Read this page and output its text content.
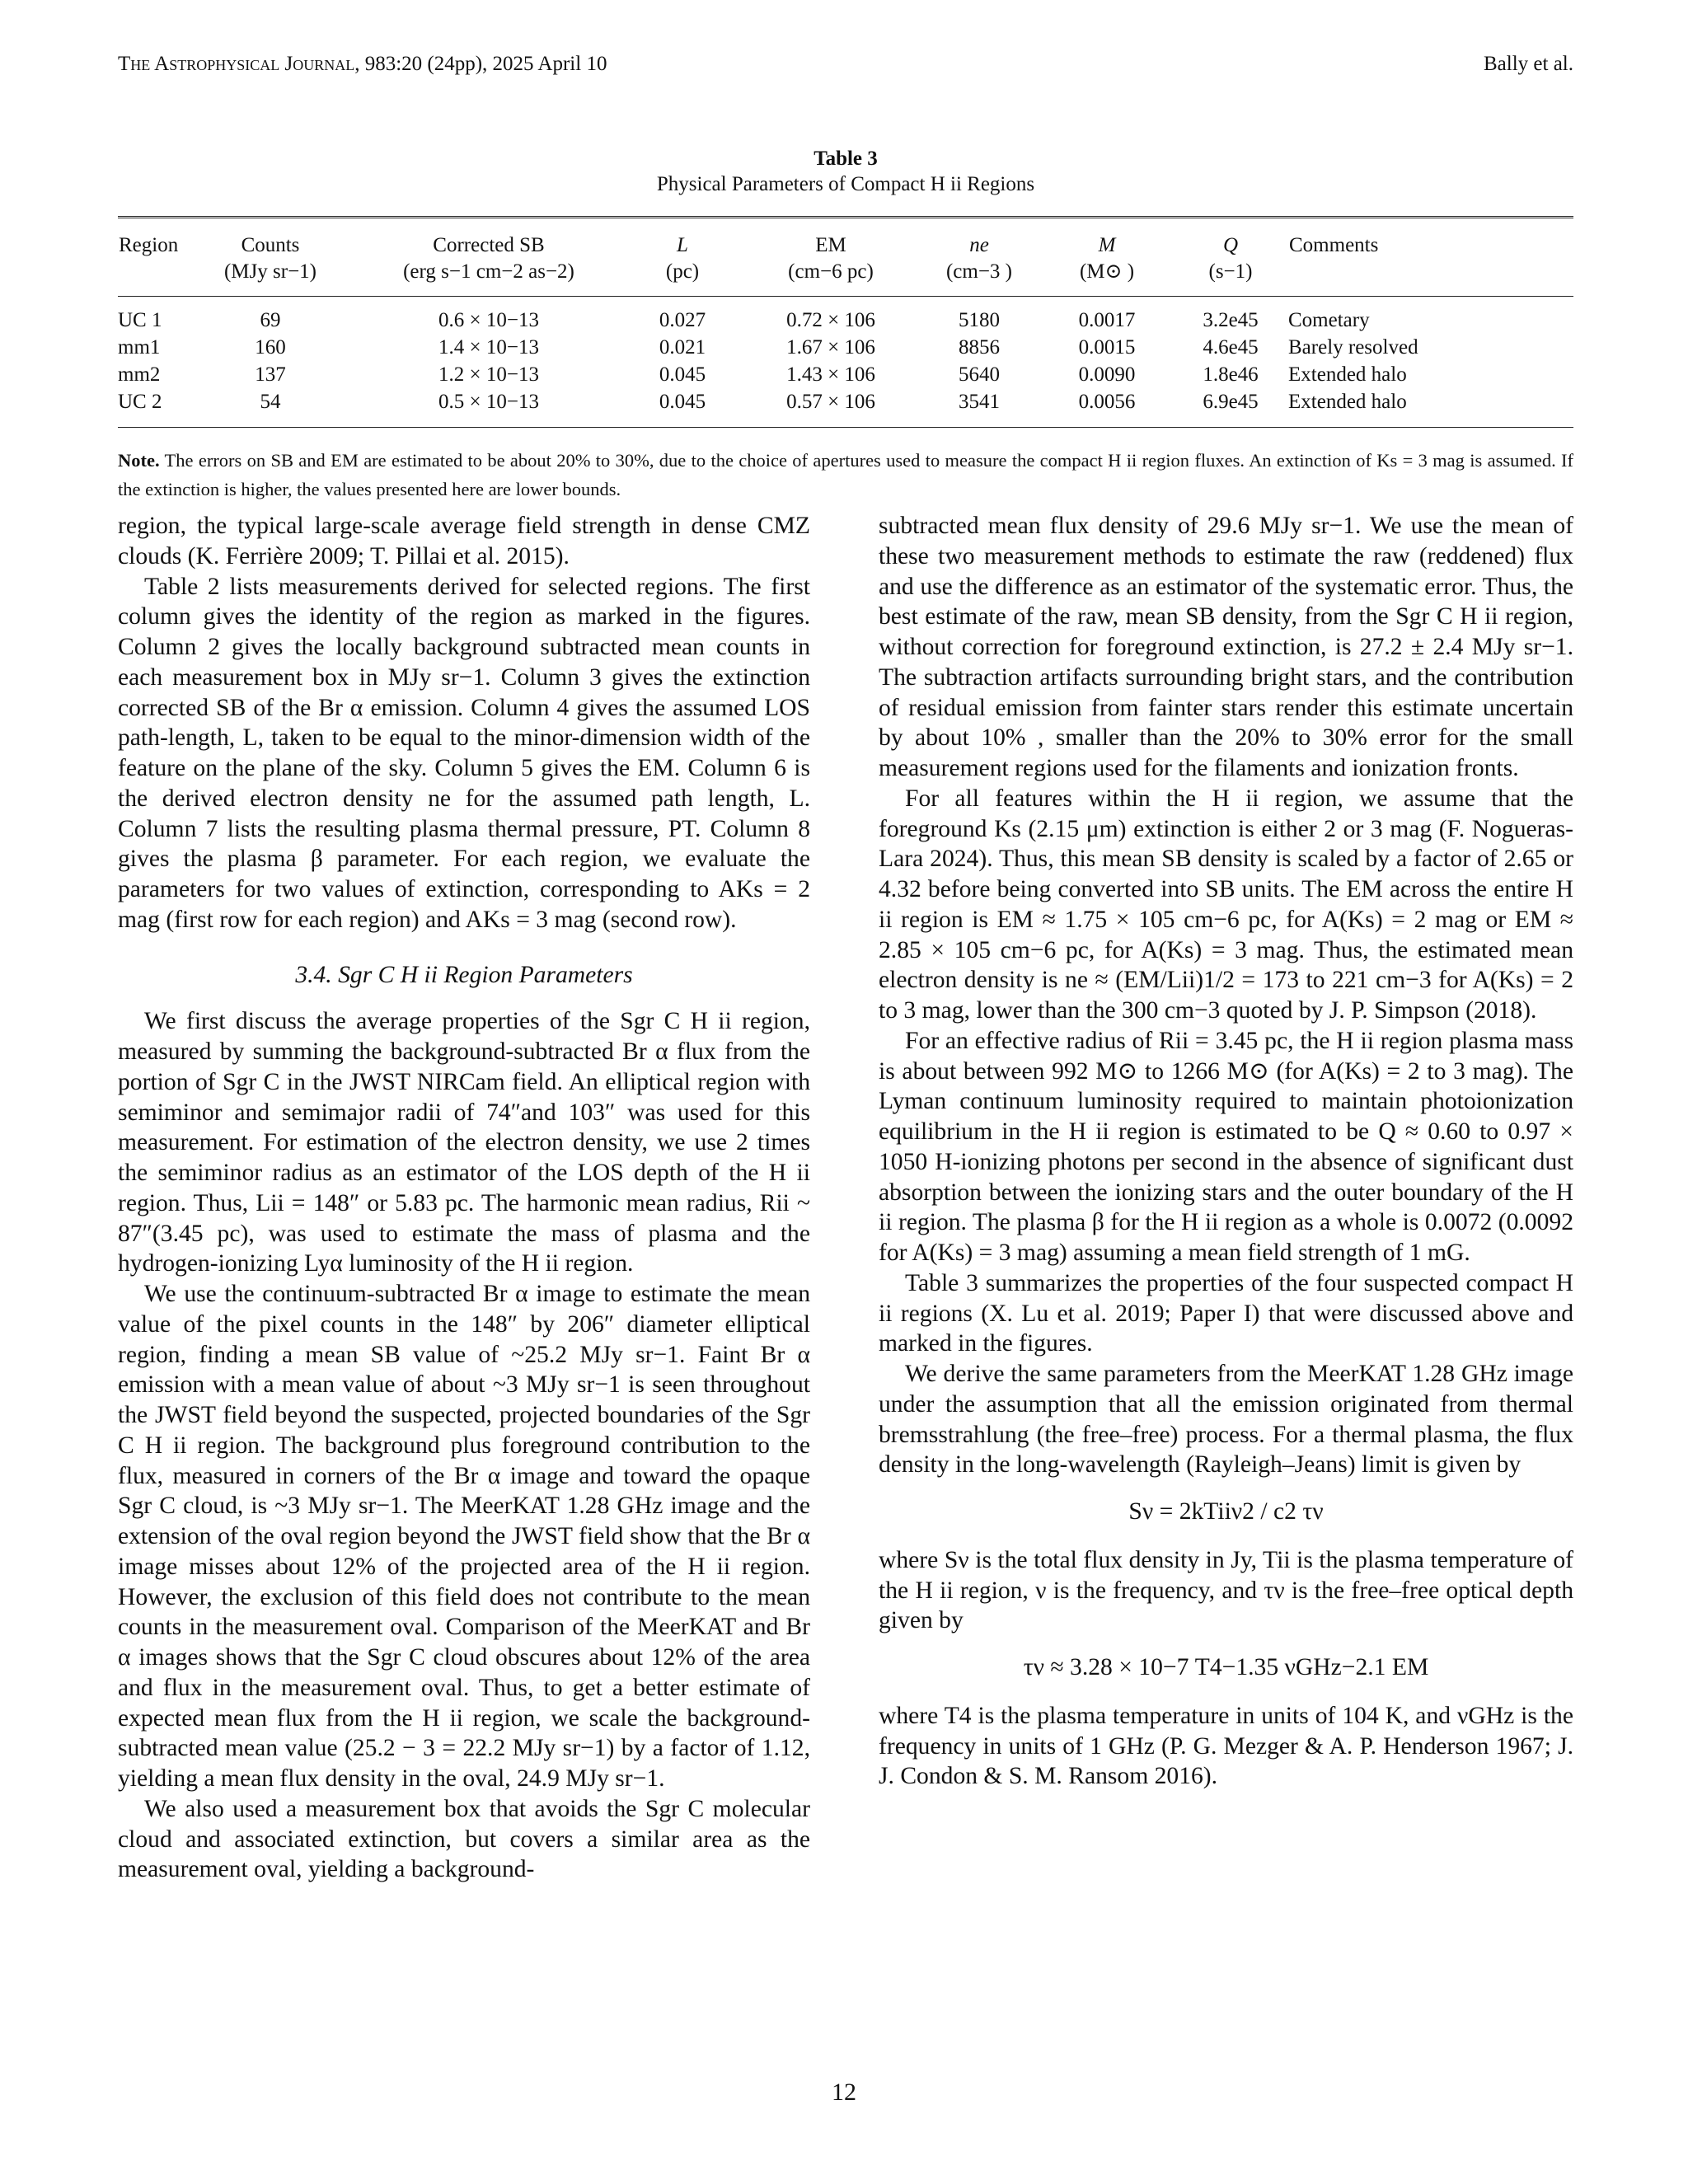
The Astrophysical Journal, 983:20 (24pp), 2025 April 10	Bally et al.
Table 3
Physical Parameters of Compact H ii Regions
Region	Counts	Corrected SB	L	EM	ne	M	Q	Comments
	(MJy sr−1)	(erg s−1 cm−2 as−2)	(pc)	(cm−6 pc)	(cm−3 )	(M⊙ )	(s−1)	
UC 1	69	0.6 × 10−13	0.027	0.72 × 106	5180	0.0017	3.2e45	Cometary
mm1	160	1.4 × 10−13	0.021	1.67 × 106	8856	0.0015	4.6e45	Barely resolved
mm2	137	1.2 × 10−13	0.045	1.43 × 106	5640	0.0090	1.8e46	Extended halo
UC 2	54	0.5 × 10−13	0.045	0.57 × 106	3541	0.0056	6.9e45	Extended halo
Note. The errors on SB and EM are estimated to be about 20% to 30%, due to the choice of apertures used to measure the compact H ii region fluxes. An extinction of Ks = 3 mag is assumed. If the extinction is higher, the values presented here are lower bounds.

region, the typical large-scale average field strength in dense CMZ clouds (K. Ferrière 2009; T. Pillai et al. 2015).

Table 2 lists measurements derived for selected regions. The first column gives the identity of the region as marked in the figures. Column 2 gives the locally background subtracted mean counts in each measurement box in MJy sr−1. Column 3 gives the extinction corrected SB of the Br α emission. Column 4 gives the assumed LOS path-length, L, taken to be equal to the minor-dimension width of the feature on the plane of the sky. Column 5 gives the EM. Column 6 is the derived electron density ne for the assumed path length, L. Column 7 lists the resulting plasma thermal pressure, PT. Column 8 gives the plasma β parameter. For each region, we evaluate the parameters for two values of extinction, corresponding to AKs = 2 mag (first row for each region) and AKs = 3 mag (second row).

3.4. Sgr C H ii Region Parameters

We first discuss the average properties of the Sgr C H ii region, measured by summing the background-subtracted Br α flux from the portion of Sgr C in the JWST NIRCam field. An elliptical region with semiminor and semimajor radii of 74″and 103″ was used for this measurement. For estimation of the electron density, we use 2 times the semiminor radius as an estimator of the LOS depth of the H ii region. Thus, Lii = 148″ or 5.83 pc. The harmonic mean radius, Rii ~ 87″(3.45 pc), was used to estimate the mass of plasma and the hydrogen-ionizing Lyα luminosity of the H ii region.

We use the continuum-subtracted Br α image to estimate the mean value of the pixel counts in the 148″ by 206″ diameter elliptical region, finding a mean SB value of ~25.2 MJy sr−1. Faint Br α emission with a mean value of about ~3 MJy sr−1 is seen throughout the JWST field beyond the suspected, projected boundaries of the Sgr C H ii region. The background plus foreground contribution to the flux, measured in corners of the Br α image and toward the opaque Sgr C cloud, is ~3 MJy sr−1. The MeerKAT 1.28 GHz image and the extension of the oval region beyond the JWST field show that the Br α image misses about 12% of the projected area of the H ii region. However, the exclusion of this field does not contribute to the mean counts in the measurement oval. Comparison of the MeerKAT and Br α images shows that the Sgr C cloud obscures about 12% of the area and flux in the measurement oval. Thus, to get a better estimate of expected mean flux from the H ii region, we scale the background-subtracted mean value (25.2 − 3 = 22.2 MJy sr−1) by a factor of 1.12, yielding a mean flux density in the oval, 24.9 MJy sr−1.

We also used a measurement box that avoids the Sgr C molecular cloud and associated extinction, but covers a similar area as the measurement oval, yielding a background-

subtracted mean flux density of 29.6 MJy sr−1. We use the mean of these two measurement methods to estimate the raw (reddened) flux and use the difference as an estimator of the systematic error. Thus, the best estimate of the raw, mean SB density, from the Sgr C H ii region, without correction for foreground extinction, is 27.2 ± 2.4 MJy sr−1. The subtraction artifacts surrounding bright stars, and the contribution of residual emission from fainter stars render this estimate uncertain by about 10% , smaller than the 20% to 30% error for the small measurement regions used for the filaments and ionization fronts.

For all features within the H ii region, we assume that the foreground Ks (2.15 μm) extinction is either 2 or 3 mag (F. Nogueras-Lara 2024). Thus, this mean SB density is scaled by a factor of 2.65 or 4.32 before being converted into SB units. The EM across the entire H ii region is EM ≈ 1.75 × 105 cm−6 pc, for A(Ks) = 2 mag or EM ≈ 2.85 × 105 cm−6 pc, for A(Ks) = 3 mag. Thus, the estimated mean electron density is ne ≈ (EM/Lii)1/2 = 173 to 221 cm−3 for A(Ks) = 2 to 3 mag, lower than the 300 cm−3 quoted by J. P. Simpson (2018).

For an effective radius of Rii = 3.45 pc, the H ii region plasma mass is about between 992 M⊙ to 1266 M⊙ (for A(Ks) = 2 to 3 mag). The Lyman continuum luminosity required to maintain photoionization equilibrium in the H ii region is estimated to be Q ≈ 0.60 to 0.97 × 1050 H-ionizing photons per second in the absence of significant dust absorption between the ionizing stars and the outer boundary of the H ii region. The plasma β for the H ii region as a whole is 0.0072 (0.0092 for A(Ks) = 3 mag) assuming a mean field strength of 1 mG.

Table 3 summarizes the properties of the four suspected compact H ii regions (X. Lu et al. 2019; Paper I) that were discussed above and marked in the figures.

We derive the same parameters from the MeerKAT 1.28 GHz image under the assumption that all the emission originated from thermal bremsstrahlung (the free–free) process. For a thermal plasma, the flux density in the long-wavelength (Rayleigh–Jeans) limit is given by

Sν = 2kTiiν2 / c2 τν

where Sν is the total flux density in Jy, Tii is the plasma temperature of the H ii region, ν is the frequency, and τν is the free–free optical depth given by

τν ≈ 3.28 × 10−7 T4−1.35 νGHz−2.1 EM

where T4 is the plasma temperature in units of 104 K, and νGHz is the frequency in units of 1 GHz (P. G. Mezger & A. P. Henderson 1967; J. J. Condon & S. M. Ransom 2016).

12
